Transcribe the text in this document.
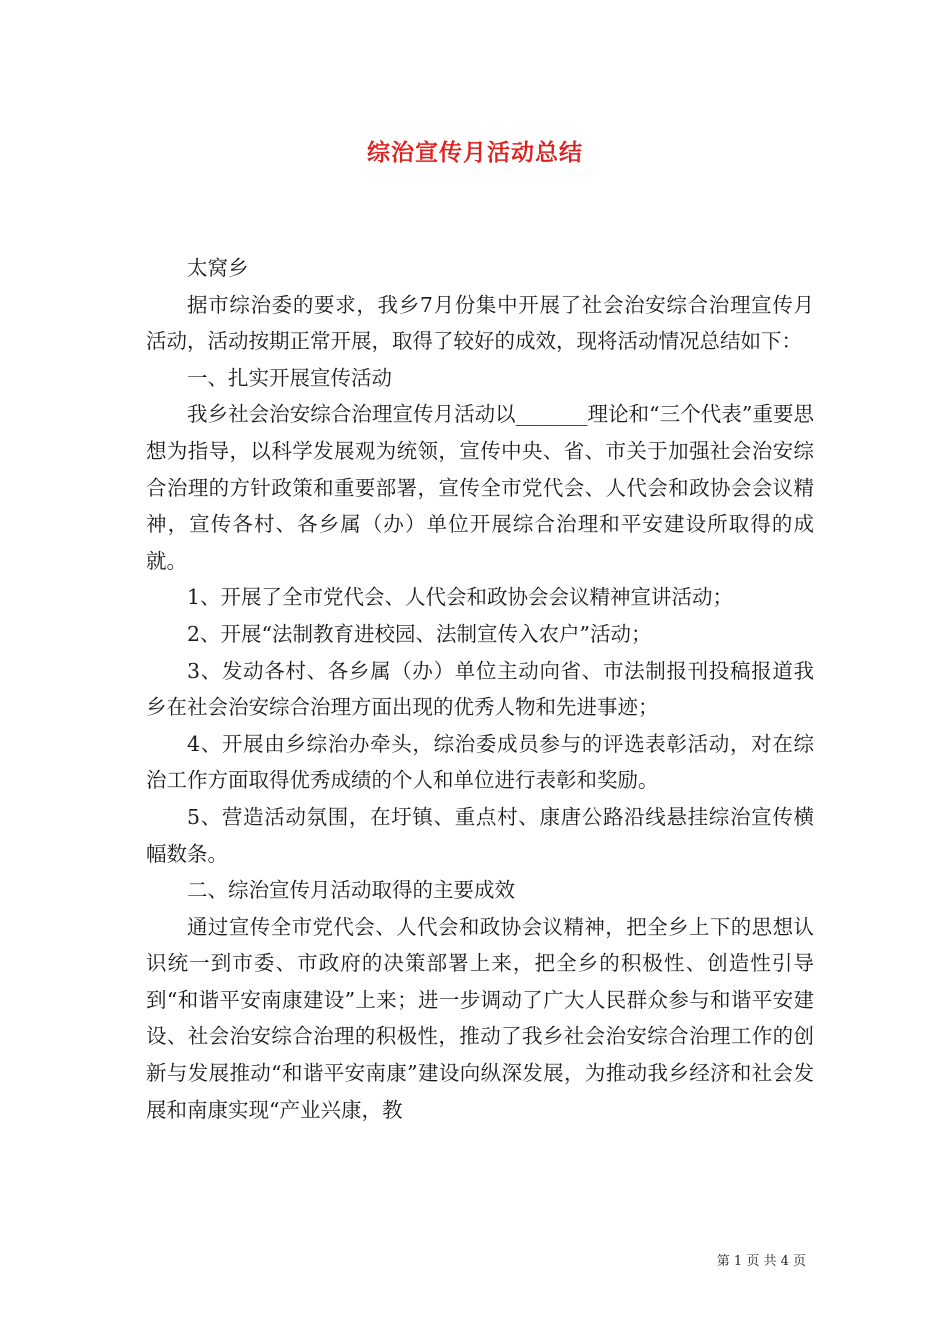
综治宣传月活动总结

太窝乡

据市综治委的要求，我乡7月份集中开展了社会治安综合治理宣传月活动，活动按期正常开展，取得了较好的成效，现将活动情况总结如下：

一、扎实开展宣传活动

我乡社会治安综合治理宣传月活动以_______理论和“三个代表”重要思想为指导，以科学发展观为统领，宣传中央、省、市关于加强社会治安综合治理的方针政策和重要部署，宣传全市党代会、人代会和政协会会议精神，宣传各村、各乡属（办）单位开展综合治理和平安建设所取得的成就。

1、开展了全市党代会、人代会和政协会会议精神宣讲活动；

2、开展“法制教育进校园、法制宣传入农户”活动；

3、发动各村、各乡属（办）单位主动向省、市法制报刊投稿报道我乡在社会治安综合治理方面出现的优秀人物和先进事迹；

4、开展由乡综治办牵头，综治委成员参与的评选表彰活动，对在综治工作方面取得优秀成绩的个人和单位进行表彰和奖励。

5、营造活动氛围，在圩镇、重点村、康唐公路沿线悬挂综治宣传横幅数条。

二、综治宣传月活动取得的主要成效

通过宣传全市党代会、人代会和政协会议精神，把全乡上下的思想认识统一到市委、市政府的决策部署上来，把全乡的积极性、创造性引导到“和谐平安南康建设”上来；进一步调动了广大人民群众参与和谐平安建设、社会治安综合治理的积极性，推动了我乡社会治安综合治理工作的创新与发展推动“和谐平安南康”建设向纵深发展，为推动我乡经济和社会发展和南康实现“产业兴康，教

第 1 页 共 4 页
